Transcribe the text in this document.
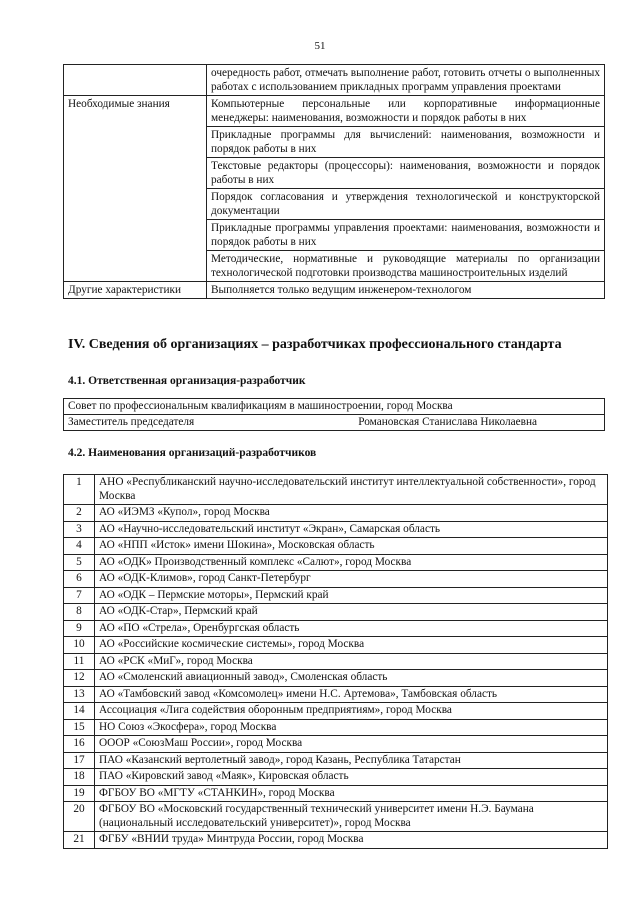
51
	очередность работ, отмечать выполнение работ, готовить отчеты о выполненных работах с использованием прикладных программ управления проектами
Необходимые знания	Компьютерные персональные или корпоративные информационные менеджеры: наименования, возможности и порядок работы в них
	Прикладные программы для вычислений: наименования, возможности и порядок работы в них
	Текстовые редакторы (процессоры): наименования, возможности и порядок работы в них
	Порядок согласования и утверждения технологической и конструкторской документации
	Прикладные программы управления проектами: наименования, возможности и порядок работы в них
	Методические, нормативные и руководящие материалы по организации технологической подготовки производства машиностроительных изделий
Другие характеристики	Выполняется только ведущим инженером-технологом
IV. Сведения об организациях – разработчиках профессионального стандарта
4.1. Ответственная организация-разработчик
Совет по профессиональным квалификациям в машиностроении, город Москва

Заместитель председателя	Романовская Станислава Николаевна
4.2. Наименования организаций-разработчиков
1	АНО «Республиканский научно-исследовательский институт интеллектуальной собственности», город Москва
2	АО «ИЭМЗ «Купол», город Москва
3	АО «Научно-исследовательский институт «Экран», Самарская область
4	АО «НПП «Исток» имени Шокина», Московская область
5	АО «ОДК» Производственный комплекс «Салют», город Москва
6	АО «ОДК-Климов», город Санкт-Петербург
7	АО «ОДК – Пермские моторы», Пермский край
8	АО «ОДК-Стар», Пермский край
9	АО «ПО «Стрела», Оренбургская область
10	АО «Российские космические системы», город Москва
11	АО «РСК «МиГ», город Москва
12	АО «Смоленский авиационный завод», Смоленская область
13	АО «Тамбовский завод «Комсомолец» имени Н.С. Артемова», Тамбовская область
14	Ассоциация «Лига содействия оборонным предприятиям», город Москва
15	НО Союз «Экосфера», город Москва
16	ОООР «СоюзМаш России», город Москва
17	ПАО «Казанский вертолетный завод», город Казань, Республика Татарстан
18	ПАО «Кировский завод «Маяк», Кировская область
19	ФГБОУ ВО «МГТУ «СТАНКИН», город Москва
20	ФГБОУ ВО «Московский государственный технический университет имени Н.Э. Баумана (национальный исследовательский университет)», город Москва
21	ФГБУ «ВНИИ труда» Минтруда России, город Москва
